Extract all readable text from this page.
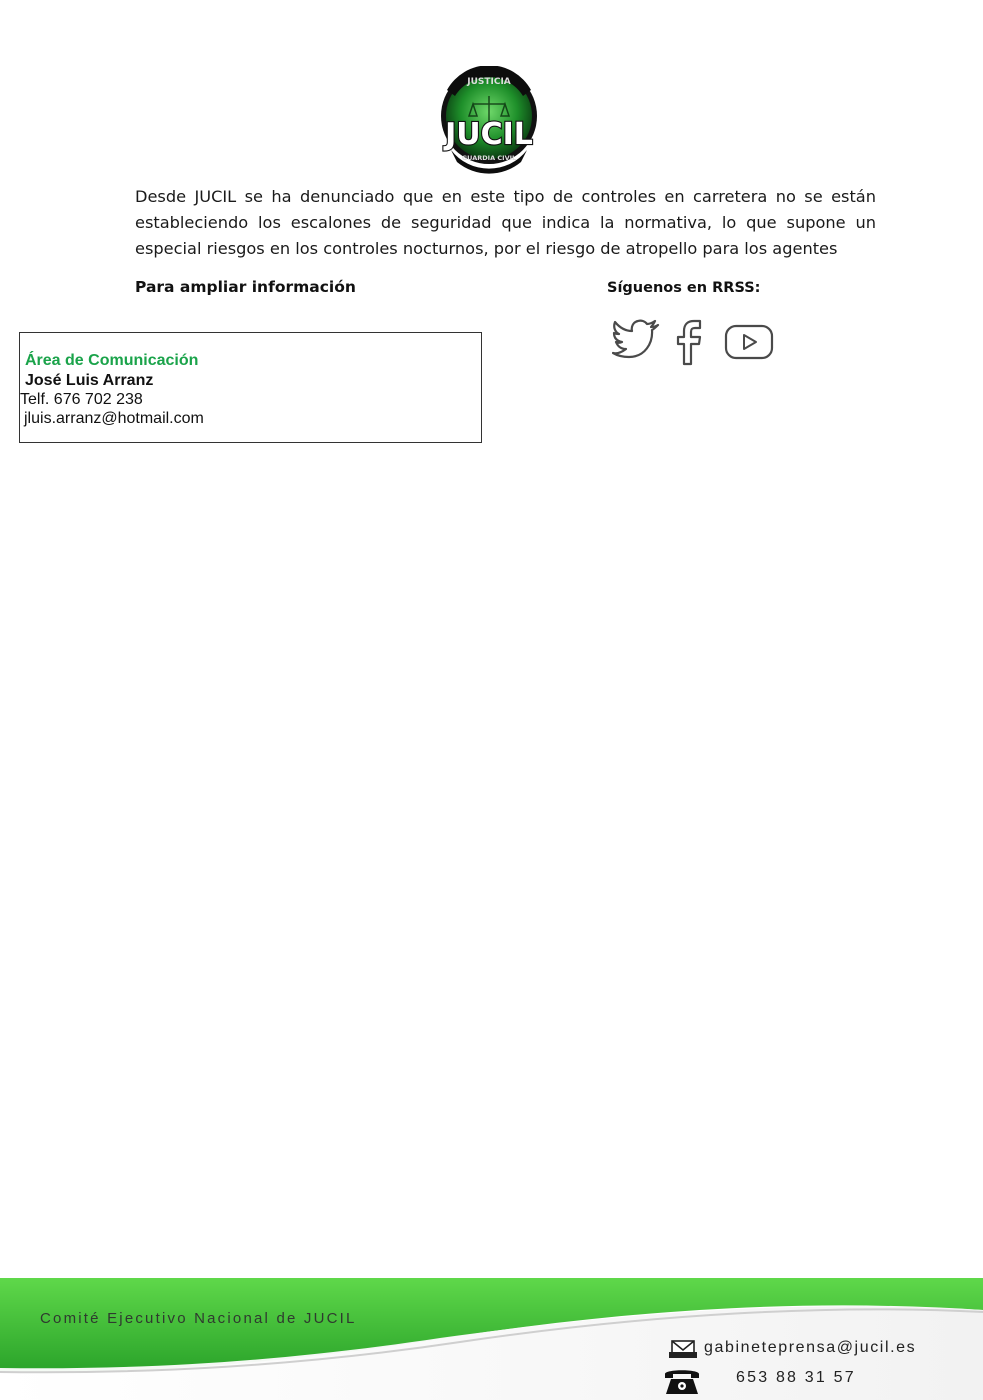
JUSTICIA
JUCIL
GUARDIA CIVIL

Desde JUCIL se ha denunciado que en este tipo de controles en carretera no se están estableciendo los escalones de seguridad que indica la normativa, lo que supone un especial riesgos en los controles nocturnos, por el riesgo de atropello para los agentes

Para ampliar información	Síguenos en RRSS:
Área de Comunicación
José Luis Arranz
Telf. 676 702 238
jluis.arranz@hotmail.com
Comité Ejecutivo Nacional de JUCIL
gabineteprensa@jucil.es
653 88 31 57
